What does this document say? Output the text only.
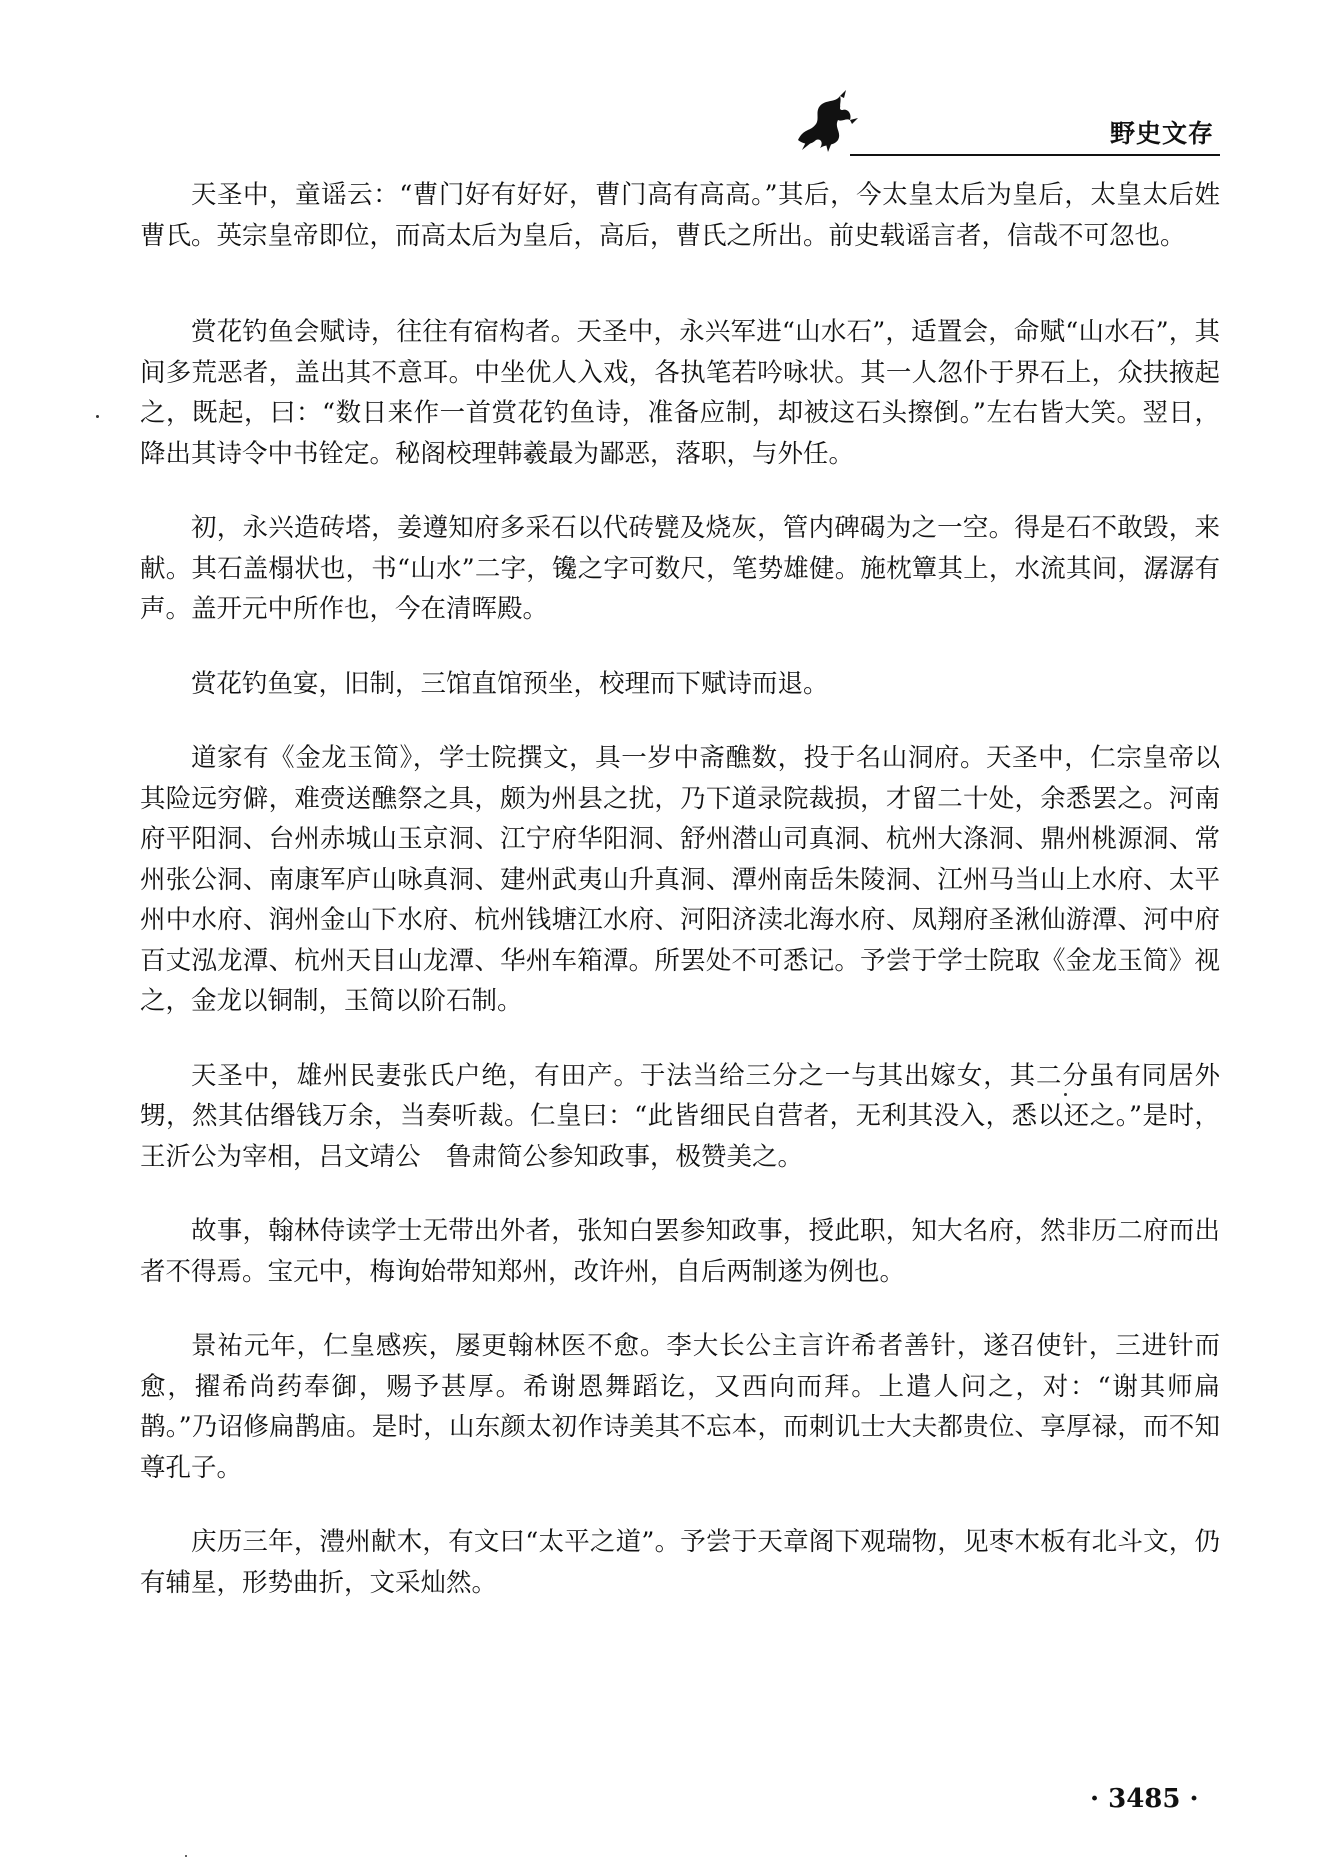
野史文存

天圣中，童谣云：“曹门好有好好，曹门高有高高。”其后，今太皇太后为皇后，太皇太后姓曹氏。英宗皇帝即位，而高太后为皇后，高后，曹氏之所出。前史载谣言者，信哉不可忽也。

赏花钓鱼会赋诗，往往有宿构者。天圣中，永兴军进“山水石”，适置会，命赋“山水石”，其间多荒恶者，盖出其不意耳。中坐优人入戏，各执笔若吟咏状。其一人忽仆于界石上，众扶掖起之，既起，曰：“数日来作一首赏花钓鱼诗，准备应制，却被这石头擦倒。”左右皆大笑。翌日，降出其诗令中书铨定。秘阁校理韩羲最为鄙恶，落职，与外任。

初，永兴造砖塔，姜遵知府多采石以代砖甓及烧灰，管内碑碣为之一空。得是石不敢毁，来献。其石盖榻状也，书“山水”二字，镵之字可数尺，笔势雄健。施枕簟其上，水流其间，潺潺有声。盖开元中所作也，今在清晖殿。

赏花钓鱼宴，旧制，三馆直馆预坐，校理而下赋诗而退。

道家有《金龙玉简》，学士院撰文，具一岁中斋醮数，投于名山洞府。天圣中，仁宗皇帝以其险远穷僻，难赍送醮祭之具，颇为州县之扰，乃下道录院裁损，才留二十处，余悉罢之。河南府平阳洞、台州赤城山玉京洞、江宁府华阳洞、舒州潜山司真洞、杭州大涤洞、鼎州桃源洞、常州张公洞、南康军庐山咏真洞、建州武夷山升真洞、潭州南岳朱陵洞、江州马当山上水府、太平州中水府、润州金山下水府、杭州钱塘江水府、河阳济渎北海水府、凤翔府圣湫仙游潭、河中府百丈泓龙潭、杭州天目山龙潭、华州车箱潭。所罢处不可悉记。予尝于学士院取《金龙玉简》视之，金龙以铜制，玉简以阶石制。

天圣中，雄州民妻张氏户绝，有田产。于法当给三分之一与其出嫁女，其二分虽有同居外甥，然其估缗钱万余，当奏听裁。仁皇曰：“此皆细民自营者，无利其没入，悉以还之。”是时，王沂公为宰相，吕文靖公　鲁肃简公参知政事，极赞美之。

故事，翰林侍读学士无带出外者，张知白罢参知政事，授此职，知大名府，然非历二府而出者不得焉。宝元中，梅询始带知郑州，改许州，自后两制遂为例也。

景祐元年，仁皇感疾，屡更翰林医不愈。李大长公主言许希者善针，遂召使针，三进针而愈，擢希尚药奉御，赐予甚厚。希谢恩舞蹈讫，又西向而拜。上遣人问之，对：“谢其师扁鹊。”乃诏修扁鹊庙。是时，山东颜太初作诗美其不忘本，而刺讥士大夫都贵位、享厚禄，而不知尊孔子。

庆历三年，澧州献木，有文曰“太平之道”。予尝于天章阁下观瑞物，见枣木板有北斗文，仍有辅星，形势曲折，文采灿然。

· 3485 ·
